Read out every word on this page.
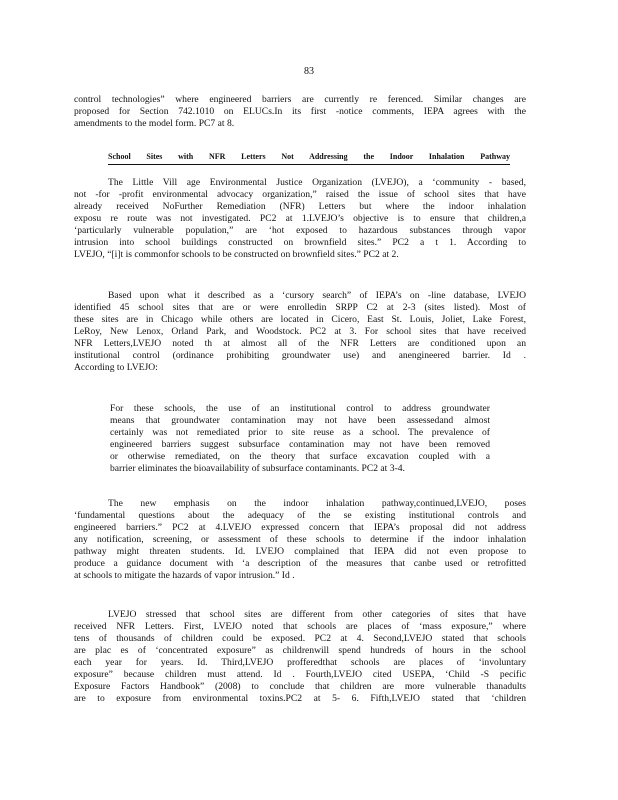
83
control technologies” where engineered barriers are currently re ferenced. Similar changes are
proposed for Section 742.1010 on ELUCs.In its first -notice comments, IEPA agrees with the
amendments to the model form. PC7 at 8.
School Sites with NFR Letters Not Addressing the Indoor Inhalation Pathway
The Little Vill age Environmental Justice Organization (LVEJO), a ‘community - based,
not -for -profit environmental advocacy organization,” raised the issue of school sites that have
already received NoFurther Remediation (NFR) Letters but where the indoor inhalation
exposu re route was not investigated. PC2 at 1.LVEJO’s objective is to ensure that children,a
‘particularly vulnerable population,” are ‘hot exposed to hazardous substances through vapor
intrusion into school buildings constructed on brownfield sites.” PC2 a t 1. According to
LVEJO, “[i]t is commonfor schools to be constructed on brownfield sites.” PC2 at 2.
Based upon what it described as a ‘cursory search” of IEPA’s on -line database, LVEJO
identified 45 school sites that are or were enrolledin SRPP C2 at 2-3 (sites listed). Most of
these sites are in Chicago while others are located in Cicero, East St. Louis, Joliet, Lake Forest,
LeRoy, New Lenox, Orland Park, and Woodstock. PC2 at 3. For school sites that have received
NFR Letters,LVEJO noted th at almost all of the NFR Letters are conditioned upon an
institutional control (ordinance prohibiting groundwater use) and anengineered barrier. Id .
According to LVEJO:
For these schools, the use of an institutional control to address groundwater
means that groundwater contamination may not have been assessedand almost
certainly was not remediated prior to site reuse as a school. The prevalence of
engineered barriers suggest subsurface contamination may not have been removed
or otherwise remediated, on the theory that surface excavation coupled with a
barrier eliminates the bioavailability of subsurface contaminants. PC2 at 3-4.
The new emphasis on the indoor inhalation pathway,continued,LVEJO, poses
‘fundamental questions about the adequacy of the se existing institutional controls and
engineered barriers.” PC2 at 4.LVEJO expressed concern that IEPA’s proposal did not address
any notification, screening, or assessment of these schools to determine if the indoor inhalation
pathway might threaten students. Id. LVEJO complained that IEPA did not even propose to
produce a guidance document with ‘a description of the measures that canbe used or retrofitted
at schools to mitigate the hazards of vapor intrusion.” Id .
LVEJO stressed that school sites are different from other categories of sites that have
received NFR Letters. First, LVEJO noted that schools are places of ‘mass exposure,” where
tens of thousands of children could be exposed. PC2 at 4. Second,LVEJO stated that schools
are plac es of ‘concentrated exposure” as childrenwill spend hundreds of hours in the school
each year for years. Id. Third,LVEJO profferedthat schools are places of ‘involuntary
exposure” because children must attend. Id . Fourth,LVEJO cited USEPA, ‘Child -S pecific
Exposure Factors Handbook” (2008) to conclude that children are more vulnerable thanadults
are to exposure from environmental toxins.PC2 at 5- 6. Fifth,LVEJO stated that ‘children
